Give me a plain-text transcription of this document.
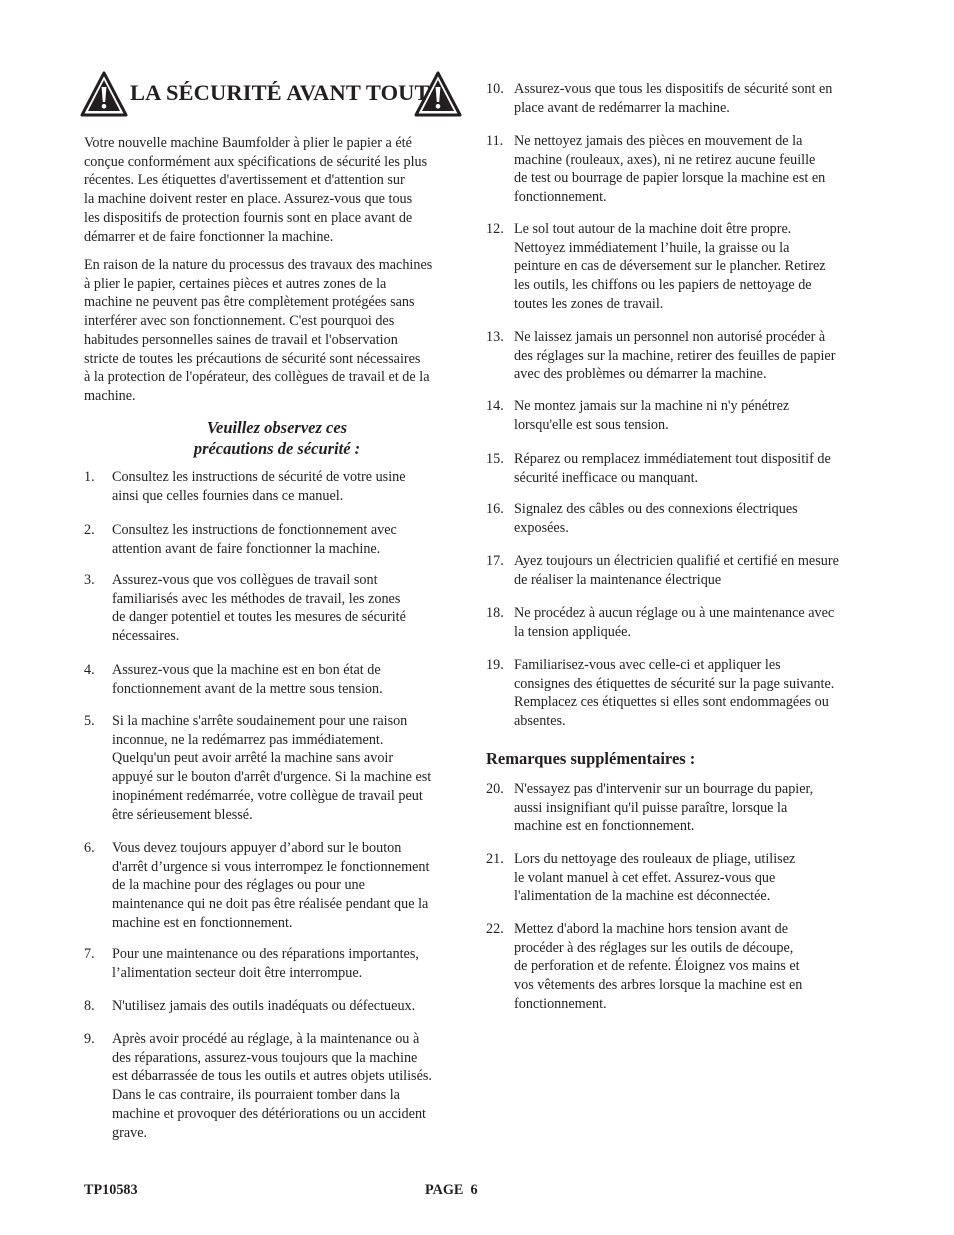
LA SÉCURITÉ AVANT TOUT
Votre nouvelle machine Baumfolder à plier le papier a été
conçue conformément aux spécifications de sécurité les plus
récentes. Les étiquettes d'avertissement et d'attention sur
la machine doivent rester en place. Assurez-vous que tous
les dispositifs de protection fournis sont en place avant de
démarrer et de faire fonctionner la machine.
En raison de la nature du processus des travaux des machines
à plier le papier, certaines pièces et autres zones de la
machine ne peuvent pas être complètement protégées sans
interférer avec son fonctionnement. C'est pourquoi des
habitudes personnelles saines de travail et l'observation
stricte de toutes les précautions de sécurité sont nécessaires
à la protection de l'opérateur, des collègues de travail et de la
machine.
Veuillez observez ces
précautions de sécurité :
1. Consultez les instructions de sécurité de votre usine
ainsi que celles fournies dans ce manuel.
2. Consultez les instructions de fonctionnement avec
attention avant de faire fonctionner la machine.
3. Assurez-vous que vos collègues de travail sont
familiarisés avec les méthodes de travail, les zones
de danger potentiel et toutes les mesures de sécurité
nécessaires.
4. Assurez-vous que la machine est en bon état de
fonctionnement avant de la mettre sous tension.
5. Si la machine s'arrête soudainement pour une raison
inconnue, ne la redémarrez pas immédiatement.
Quelqu'un peut avoir arrêté la machine sans avoir
appuyé sur le bouton d'arrêt d'urgence. Si la machine est
inopinément redémarrée, votre collègue de travail peut
être sérieusement blessé.
6. Vous devez toujours appuyer d’abord sur le bouton
d'arrêt d’urgence si vous interrompez le fonctionnement
de la machine pour des réglages ou pour une
maintenance qui ne doit pas être réalisée pendant que la
machine est en fonctionnement.
7. Pour une maintenance ou des réparations importantes,
l’alimentation secteur doit être interrompue.
8. N'utilisez jamais des outils inadéquats ou défectueux.
9. Après avoir procédé au réglage, à la maintenance ou à
des réparations, assurez-vous toujours que la machine
est débarrassée de tous les outils et autres objets utilisés.
Dans le cas contraire, ils pourraient tomber dans la
machine et provoquer des détériorations ou un accident
grave.
10. Assurez-vous que tous les dispositifs de sécurité sont en
place avant de redémarrer la machine.
11. Ne nettoyez jamais des pièces en mouvement de la
machine (rouleaux, axes), ni ne retirez aucune feuille
de test ou bourrage de papier lorsque la machine est en
fonctionnement.
12. Le sol tout autour de la machine doit être propre.
Nettoyez immédiatement l’huile, la graisse ou la
peinture en cas de déversement sur le plancher. Retirez
les outils, les chiffons ou les papiers de nettoyage de
toutes les zones de travail.
13. Ne laissez jamais un personnel non autorisé procéder à
des réglages sur la machine, retirer des feuilles de papier
avec des problèmes ou démarrer la machine.
14. Ne montez jamais sur la machine ni n'y pénétrez
lorsqu'elle est sous tension.
15. Réparez ou remplacez immédiatement tout dispositif de
sécurité inefficace ou manquant.
16. Signalez des câbles ou des connexions électriques
exposées.
17. Ayez toujours un électricien qualifié et certifié en mesure
de réaliser la maintenance électrique
18. Ne procédez à aucun réglage ou à une maintenance avec
la tension appliquée.
19. Familiarisez-vous avec celle-ci et appliquer les
consignes des étiquettes de sécurité sur la page suivante.
Remplacez ces étiquettes si elles sont endommagées ou
absentes.
Remarques supplémentaires :
20. N'essayez pas d'intervenir sur un bourrage du papier,
aussi insignifiant qu'il puisse paraître, lorsque la
machine est en fonctionnement.
21. Lors du nettoyage des rouleaux de pliage, utilisez
le volant manuel à cet effet. Assurez-vous que
l'alimentation de la machine est déconnectée.
22. Mettez d'abord la machine hors tension avant de
procéder à des réglages sur les outils de découpe,
de perforation et de refente. Éloignez vos mains et
vos vêtements des arbres lorsque la machine est en
fonctionnement.
TP10583	PAGE  6
